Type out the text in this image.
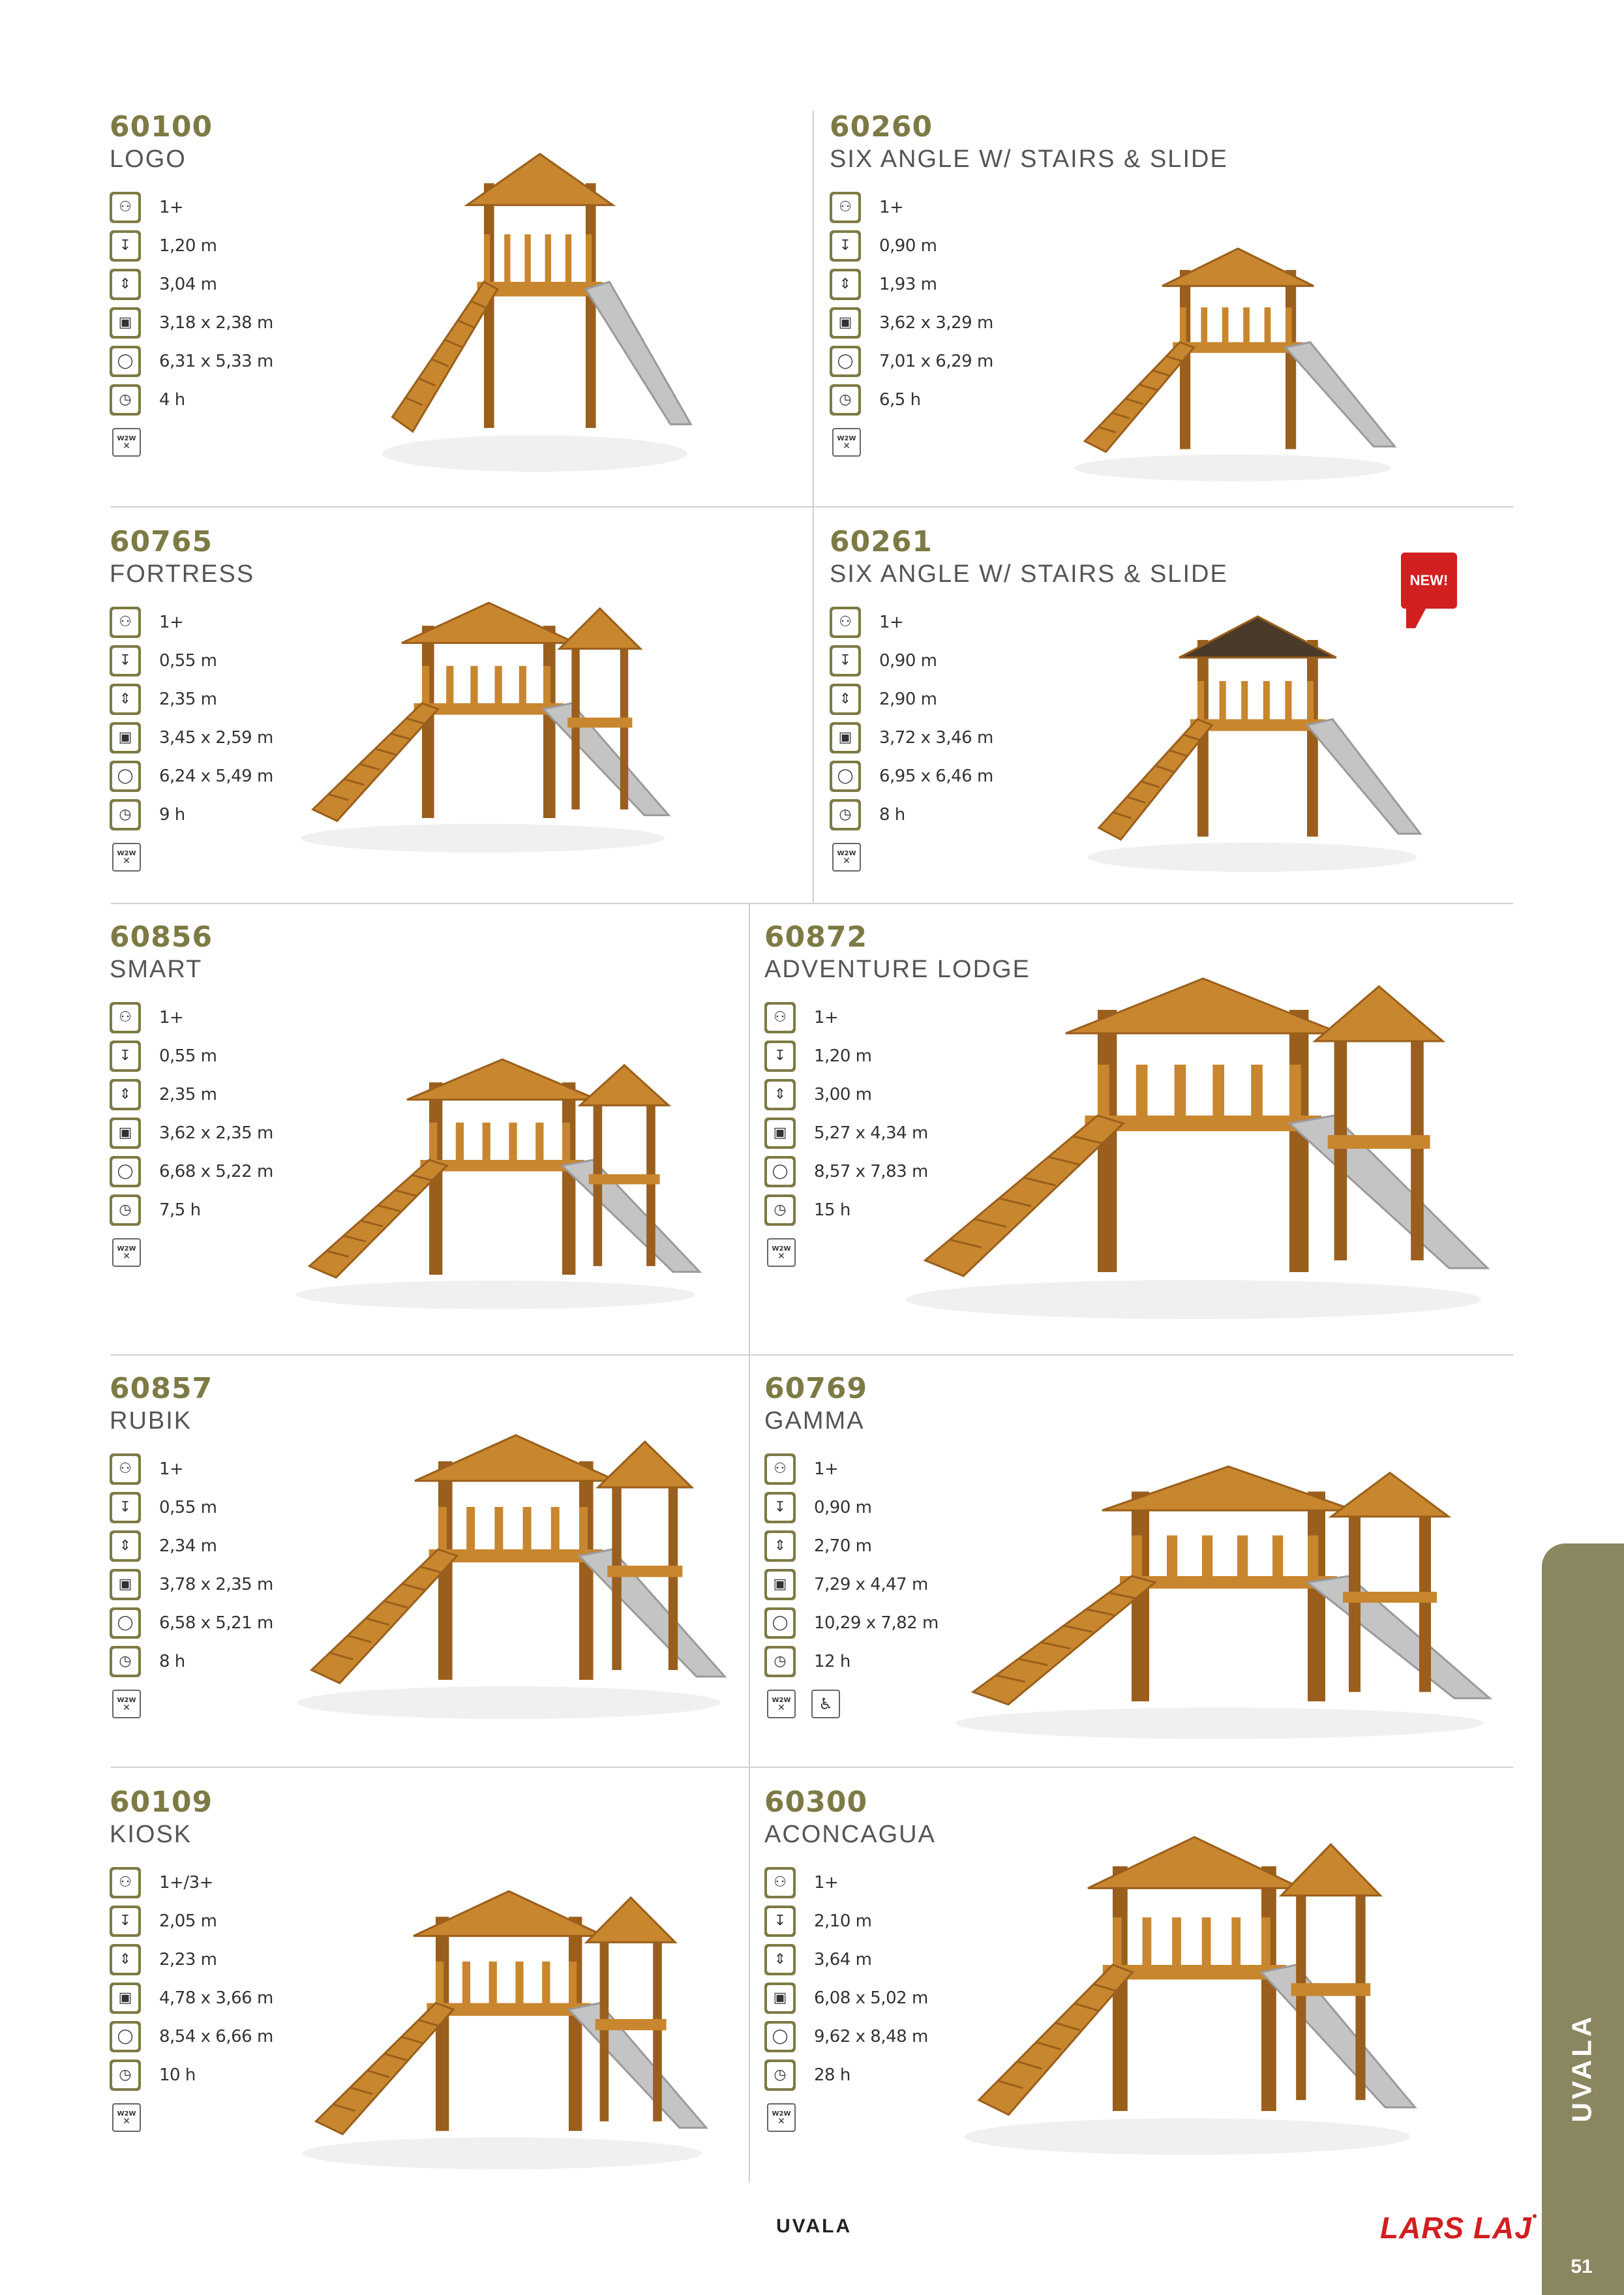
60100
LOGO
⚇	1+
↧	1,20 m
⇕	3,04 m
▣	3,18 x 2,38 m
◯ 6,31 x 5,33 m
◷	4 h
W2W
✕
60260
SIX ANGLE W/ STAIRS & SLIDE
⚇	1+
↧	0,90 m
⇕	1,93 m
▣	3,62 x 3,29 m
◯ 7,01 x 6,29 m
◷	6,5 h
W2W
✕
60765
FORTRESS
⚇	1+
↧	0,55 m
⇕	2,35 m
▣	3,45 x 2,59 m
◯ 6,24 x 5,49 m
◷	9 h
W2W
✕
60261
SIX ANGLE W/ STAIRS & SLIDE
⚇	1+
↧	0,90 m
⇕	2,90 m
▣	3,72 x 3,46 m
◯ 6,95 x 6,46 m
◷	8 h
W2W
✕
60856
SMART
⚇	1+
↧	0,55 m
⇕	2,35 m
▣	3,62 x 2,35 m
◯ 6,68 x 5,22 m
◷	7,5 h
W2W
✕
60872
ADVENTURE LODGE
⚇	1+
↧	1,20 m
⇕	3,00 m
▣	5,27 x 4,34 m
◯ 8,57 x 7,83 m
◷	15 h
W2W
✕
60857
RUBIK
⚇	1+
↧	0,55 m
⇕	2,34 m
▣	3,78 x 2,35 m
◯ 6,58 x 5,21 m
◷	8 h
W2W
✕
60769
GAMMA
⚇	1+
↧	0,90 m
⇕	2,70 m
▣	7,29 x 4,47 m
◯ 10,29 x 7,82 m
◷	12 h
W2W
✕	♿
60109
KIOSK
⚇	1+/3+
↧	2,05 m
⇕	2,23 m
▣	4,78 x 3,66 m
◯ 8,54 x 6,66 m
◷	10 h
W2W
✕
60300
ACONCAGUA
⚇	1+
↧	2,10 m
⇕	3,64 m
▣	6,08 x 5,02 m
◯ 9,62 x 8,48 m
◷	28 h
W2W
✕
NEW!
UVALA
51
UVALA	LARS LAJ●
